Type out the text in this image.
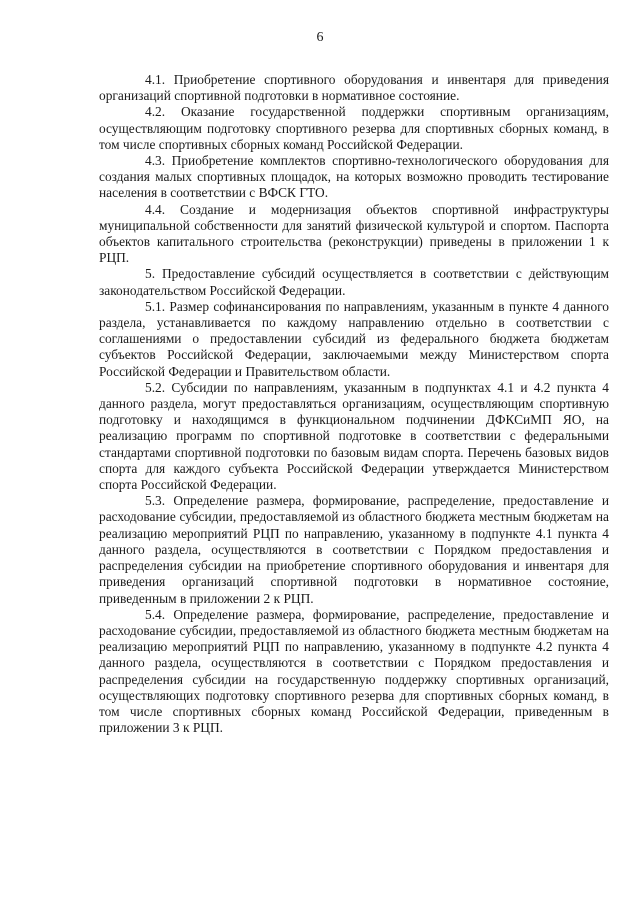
6

4.1. Приобретение спортивного оборудования и инвентаря для приведения организаций спортивной подготовки в нормативное состояние.

4.2. Оказание государственной поддержки спортивным организациям, осуществляющим подготовку спортивного резерва для спортивных сборных команд, в том числе спортивных сборных команд Российской Федерации.

4.3. Приобретение комплектов спортивно-технологического оборудования для создания малых спортивных площадок, на которых возможно проводить тестирование населения в соответствии с ВФСК ГТО.

4.4. Создание и модернизация объектов спортивной инфраструктуры муниципальной собственности для занятий физической культурой и спортом. Паспорта объектов капитального строительства (реконструкции) приведены в приложении 1 к РЦП.

5. Предоставление субсидий осуществляется в соответствии с действующим законодательством Российской Федерации.

5.1. Размер софинансирования по направлениям, указанным в пункте 4 данного раздела, устанавливается по каждому направлению отдельно в соответствии с соглашениями о предоставлении субсидий из федерального бюджета бюджетам субъектов Российской Федерации, заключаемыми между Министерством спорта Российской Федерации и Правительством области.

5.2. Субсидии по направлениям, указанным в подпунктах 4.1 и 4.2 пункта 4 данного раздела, могут предоставляться организациям, осуществляющим спортивную подготовку и находящимся в функциональном подчинении ДФКСиМП ЯО, на реализацию программ по спортивной подготовке в соответствии с федеральными стандартами спортивной подготовки по базовым видам спорта. Перечень базовых видов спорта для каждого субъекта Российской Федерации утверждается Министерством спорта Российской Федерации.

5.3. Определение размера, формирование, распределение, предоставление и расходование субсидии, предоставляемой из областного бюджета местным бюджетам на реализацию мероприятий РЦП по направлению, указанному в подпункте 4.1 пункта 4 данного раздела, осуществляются в соответствии с Порядком предоставления и распределения субсидии на приобретение спортивного оборудования и инвентаря для приведения организаций спортивной подготовки в нормативное состояние, приведенным в приложении 2 к РЦП.

5.4. Определение размера, формирование, распределение, предоставление и расходование субсидии, предоставляемой из областного бюджета местным бюджетам на реализацию мероприятий РЦП по направлению, указанному в подпункте 4.2 пункта 4 данного раздела, осуществляются в соответствии с Порядком предоставления и распределения субсидии на государственную поддержку спортивных организаций, осуществляющих подготовку спортивного резерва для спортивных сборных команд, в том числе спортивных сборных команд Российской Федерации, приведенным в приложении 3 к РЦП.
